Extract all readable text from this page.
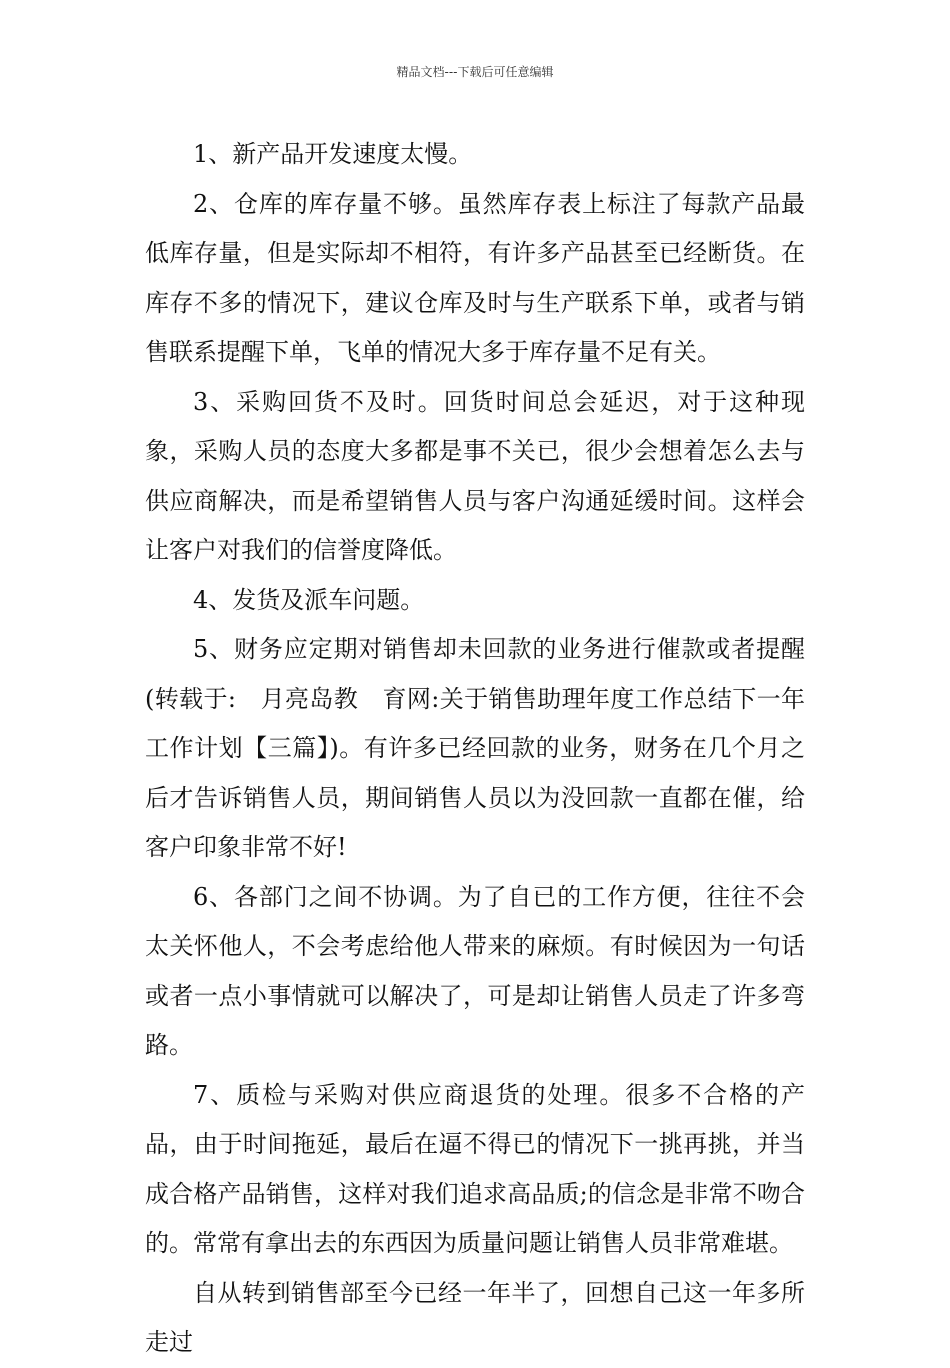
精品文档---下载后可任意编辑

1、新产品开发速度太慢。

2、仓库的库存量不够。虽然库存表上标注了每款产品最低库存量，但是实际却不相符，有许多产品甚至已经断货。在库存不多的情况下，建议仓库及时与生产联系下单，或者与销售联系提醒下单，飞单的情况大多于库存量不足有关。

3、采购回货不及时。回货时间总会延迟，对于这种现象，采购人员的态度大多都是事不关已，很少会想着怎么去与供应商解决，而是希望销售人员与客户沟通延缓时间。这样会让客户对我们的信誉度降低。

4、发货及派车问题。

5、财务应定期对销售却未回款的业务进行催款或者提醒(转载于:　月亮岛教　育网:关于销售助理年度工作总结下一年工作计划【三篇】)。有许多已经回款的业务，财务在几个月之后才告诉销售人员，期间销售人员以为没回款一直都在催，给客户印象非常不好!

6、各部门之间不协调。为了自已的工作方便，往往不会太关怀他人，不会考虑给他人带来的麻烦。有时候因为一句话或者一点小事情就可以解决了，可是却让销售人员走了许多弯路。

7、质检与采购对供应商退货的处理。很多不合格的产品，由于时间拖延，最后在逼不得已的情况下一挑再挑，并当成合格产品销售，这样对我们追求高品质;的信念是非常不吻合的。常常有拿出去的东西因为质量问题让销售人员非常难堪。

自从转到销售部至今已经一年半了，回想自己这一年多所走过
